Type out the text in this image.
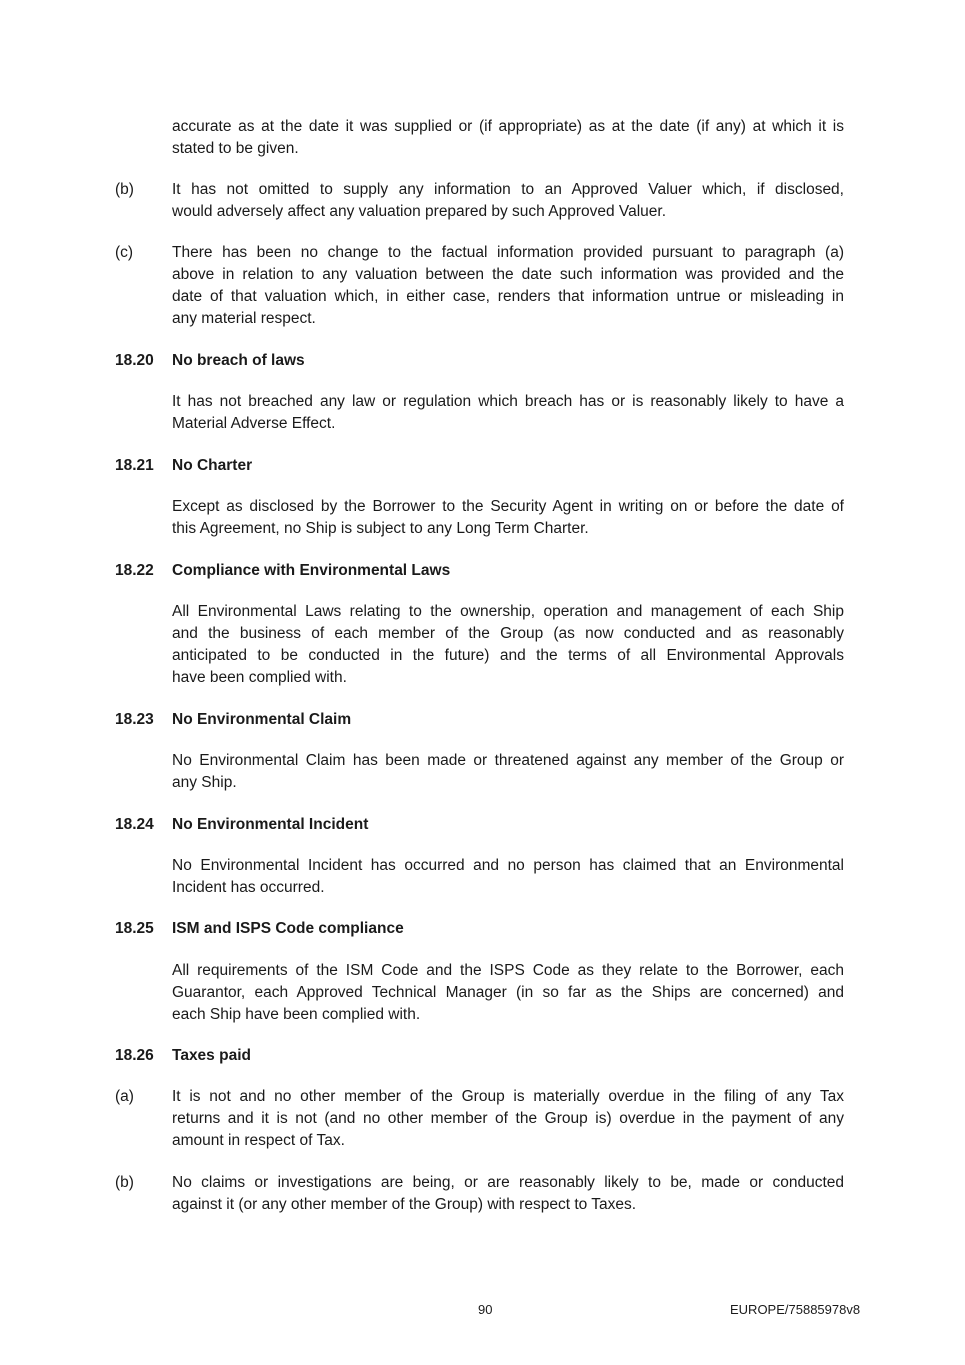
accurate as at the date it was supplied or (if appropriate) as at the date (if any) at which it is
stated to be given.
(b) It has not omitted to supply any information to an Approved Valuer which, if disclosed,
would adversely affect any valuation prepared by such Approved Valuer.
(c)	There has been no change to the factual information provided pursuant to paragraph (a)
above in relation to any valuation between the date such information was provided and the
date of that valuation which, in either case, renders that information untrue or misleading in
any material respect.
18.20 No breach of laws
It has not breached any law or regulation which breach has or is reasonably likely to have a
Material Adverse Effect.
18.21 No Charter
Except as disclosed by the Borrower to the Security Agent in writing on or before the date of
this Agreement, no Ship is subject to any Long Term Charter.
18.22 Compliance with Environmental Laws
All Environmental Laws relating to the ownership, operation and management of each Ship
and the business of each member of the Group (as now conducted and as reasonably
anticipated to be conducted in the future) and the terms of all Environmental Approvals
have been complied with.
18.23 No Environmental Claim
No Environmental Claim has been made or threatened against any member of the Group or
any Ship.
18.24 No Environmental Incident
No Environmental Incident has occurred and no person has claimed that an Environmental
Incident has occurred.
18.25 ISM and ISPS Code compliance
All requirements of the ISM Code and the ISPS Code as they relate to the Borrower, each
Guarantor, each Approved Technical Manager (in so far as the Ships are concerned) and
each Ship have been complied with.
18.26 Taxes paid
(a) It is not and no other member of the Group is materially overdue in the filing of any Tax
returns and it is not (and no other member of the Group is) overdue in the payment of any
amount in respect of Tax.
(b) No claims or investigations are being, or are reasonably likely to be, made or conducted
against it (or any other member of the Group) with respect to Taxes.
90	EUROPE/75885978v8
